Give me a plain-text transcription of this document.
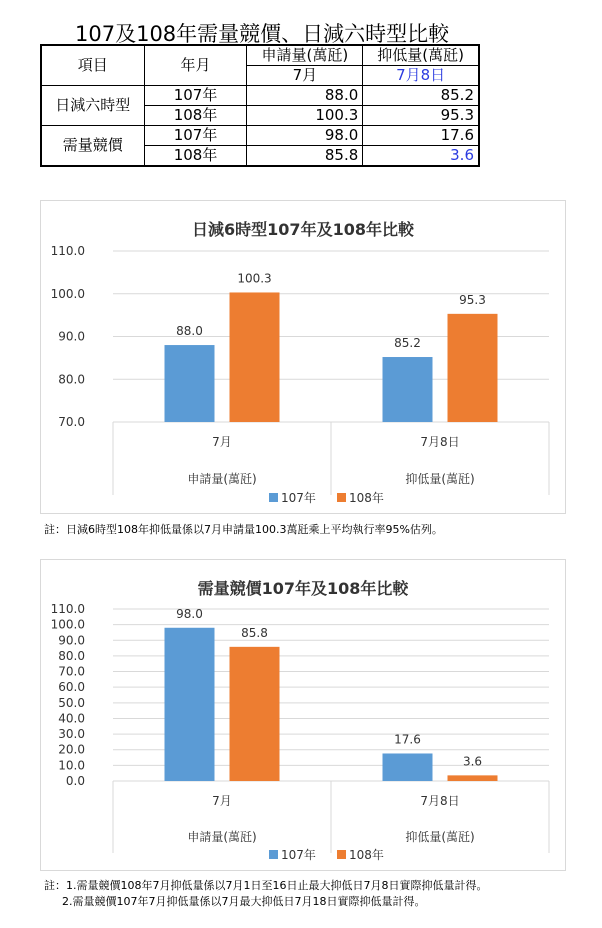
107及108年需量競價、日減六時型比較
項目	年月	申請量(萬瓩)	抑低量(萬瓩)
		7月	7月8日
日減六時型	107年	88.0	85.2
	108年	100.3	95.3
需量競價	107年	98.0	17.6
	108年	85.8	3.6
日減6時型107年及108年比較
70.0
80.0
90.0
100.0
110.0
88.0
100.3
7月
申請量(萬瓩)
85.2
95.3
7月8日
抑低量(萬瓩)
107年	108年
註：日減6時型108年抑低量係以7月申請量100.3萬瓩乘上平均執行率95%估列。
需量競價107年及108年比較
0.0
10.0
20.0
30.0
40.0
50.0
60.0
70.0
80.0
90.0
100.0
110.0	98.0
85.8
7月
申請量(萬瓩)
17.6
3.6
7月8日
抑低量(萬瓩)
107年	108年
註：1.需量競價108年7月抑低量係以7月1日至16日止最大抑低日7月8日實際抑低量計得。
2.需量競價107年7月抑低量係以7月最大抑低日7月18日實際抑低量計得。
